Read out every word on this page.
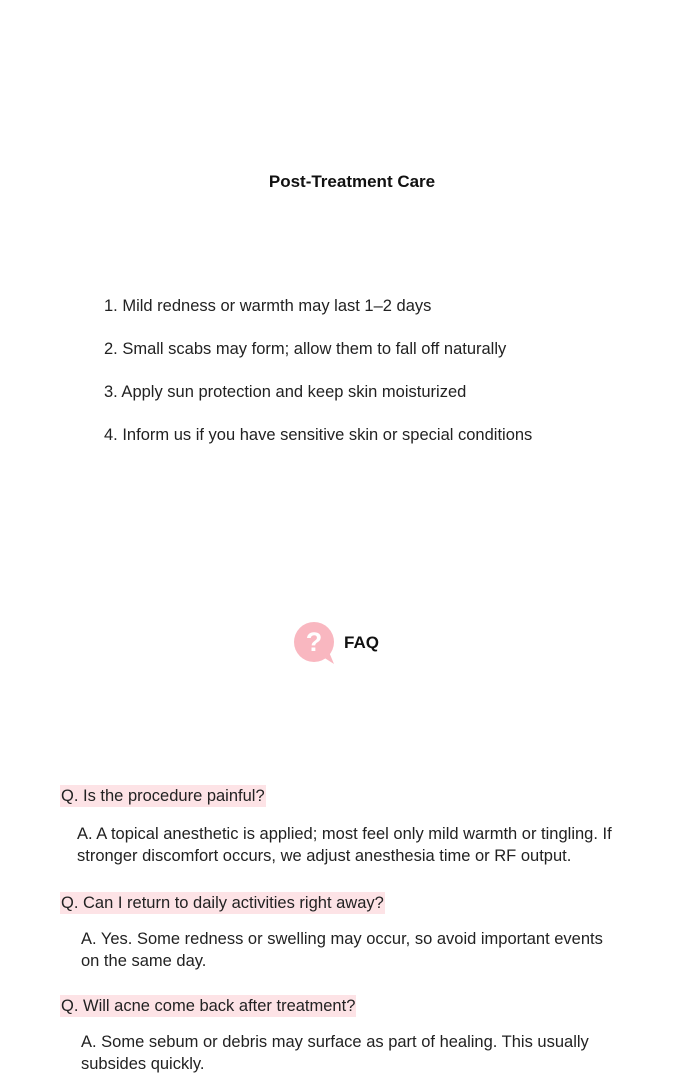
Post-Treatment Care
1. Mild redness or warmth may last 1–2 days
2. Small scabs may form; allow them to fall off naturally
3. Apply sun protection and keep skin moisturized
4. Inform us if you have sensitive skin or special conditions
? FAQ
Q. Is the procedure painful?
A. A topical anesthetic is applied; most feel only mild warmth or tingling. If stronger discomfort occurs, we adjust anesthesia time or RF output.
Q. Can I return to daily activities right away?
A. Yes. Some redness or swelling may occur, so avoid important events on the same day.
Q. Will acne come back after treatment?
A. Some sebum or debris may surface as part of healing. This usually subsides quickly.
